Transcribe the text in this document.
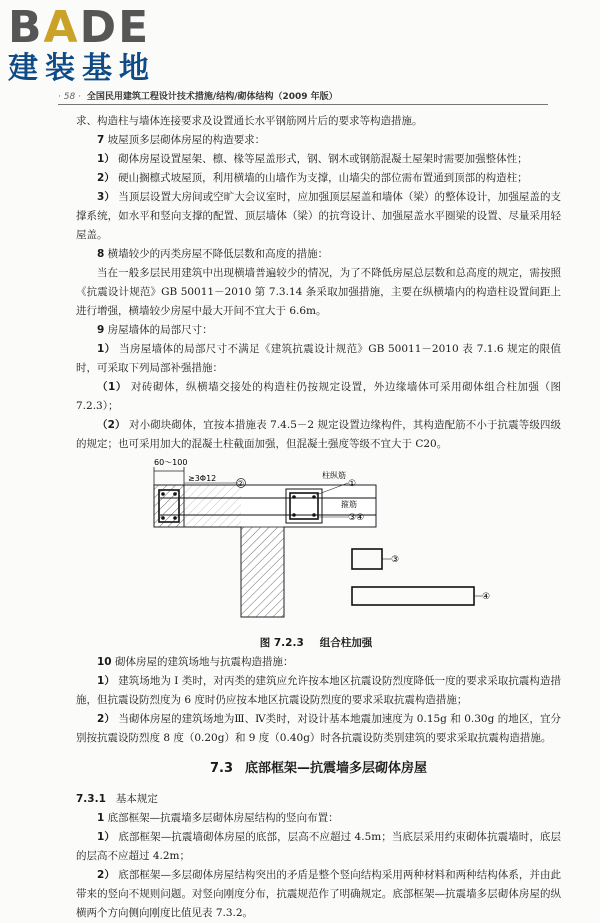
BADE
建装基地
· 58 · 全国民用建筑工程设计技术措施/结构/砌体结构（2009 年版）

求、构造柱与墙体连接要求及设置通长水平钢筋网片后的要求等构造措施。

7 坡屋顶多层砌体房屋的构造要求：

1） 砌体房屋设置屋架、檩、椽等屋盖形式，钢、钢木或钢筋混凝土屋架时需要加强整体性；

2） 硬山搁檩式坡屋顶，利用横墙的山墙作为支撑，山墙尖的部位需布置通到顶部的构造柱；

3） 当顶层设置大房间或空旷大会议室时，应加强顶层屋盖和墙体（梁）的整体设计，加强屋盖的支撑系统，如水平和竖向支撑的配置、顶层墙体（梁）的抗弯设计、加强屋盖水平圈梁的设置、尽量采用轻屋盖。

8 横墙较少的丙类房屋不降低层数和高度的措施：

当在一般多层民用建筑中出现横墙普遍较少的情况，为了不降低房屋总层数和总高度的规定，需按照《抗震设计规范》GB 50011－2010 第 7.3.14 条采取加强措施，主要在纵横墙内的构造柱设置间距上进行增强，横墙较少房屋中最大开间不宜大于 6.6m。

9 房屋墙体的局部尺寸：

1） 当房屋墙体的局部尺寸不满足《建筑抗震设计规范》GB 50011－2010 表 7.1.6 规定的限值时，可采取下列局部补强措施：

（1） 对砖砌体，纵横墙交接处的构造柱仍按规定设置，外边缘墙体可采用砌体组合柱加强（图 7.2.3）；

（2） 对小砌块砌体，宜按本措施表 7.4.5－2 规定设置边缘构件，其构造配筋不小于抗震等级四级的规定；也可采用加大的混凝土柱截面加强，但混凝土强度等级不宜大于 C20。

60～100
≥3Φ12
②
柱纵筋
①
箍筋
③④
③
④
图 7.2.3 组合柱加强

10 砌体房屋的建筑场地与抗震构造措施：

1） 建筑场地为 I 类时，对丙类的建筑应允许按本地区抗震设防烈度降低一度的要求采取抗震构造措施，但抗震设防烈度为 6 度时仍应按本地区抗震设防烈度的要求采取抗震构造措施；

2） 当砌体房屋的建筑场地为Ⅲ、Ⅳ类时，对设计基本地震加速度为 0.15g 和 0.30g 的地区，宜分别按抗震设防烈度 8 度（0.20g）和 9 度（0.40g）时各抗震设防类别建筑的要求采取抗震构造措施。

7.3 底部框架—抗震墙多层砌体房屋
7.3.1 基本规定

1 底部框架—抗震墙多层砌体房屋结构的竖向布置：

1） 底部框架—抗震墙砌体房屋的底部，层高不应超过 4.5m；当底层采用约束砌体抗震墙时，底层的层高不应超过 4.2m；

2） 底部框架—多层砌体房屋结构突出的矛盾是整个竖向结构采用两种材料和两种结构体系，并由此带来的竖向不规则问题。对竖向刚度分布，抗震规范作了明确规定。底部框架—抗震墙多层砌体房屋的纵横两个方向侧向刚度比值见表 7.3.2。
